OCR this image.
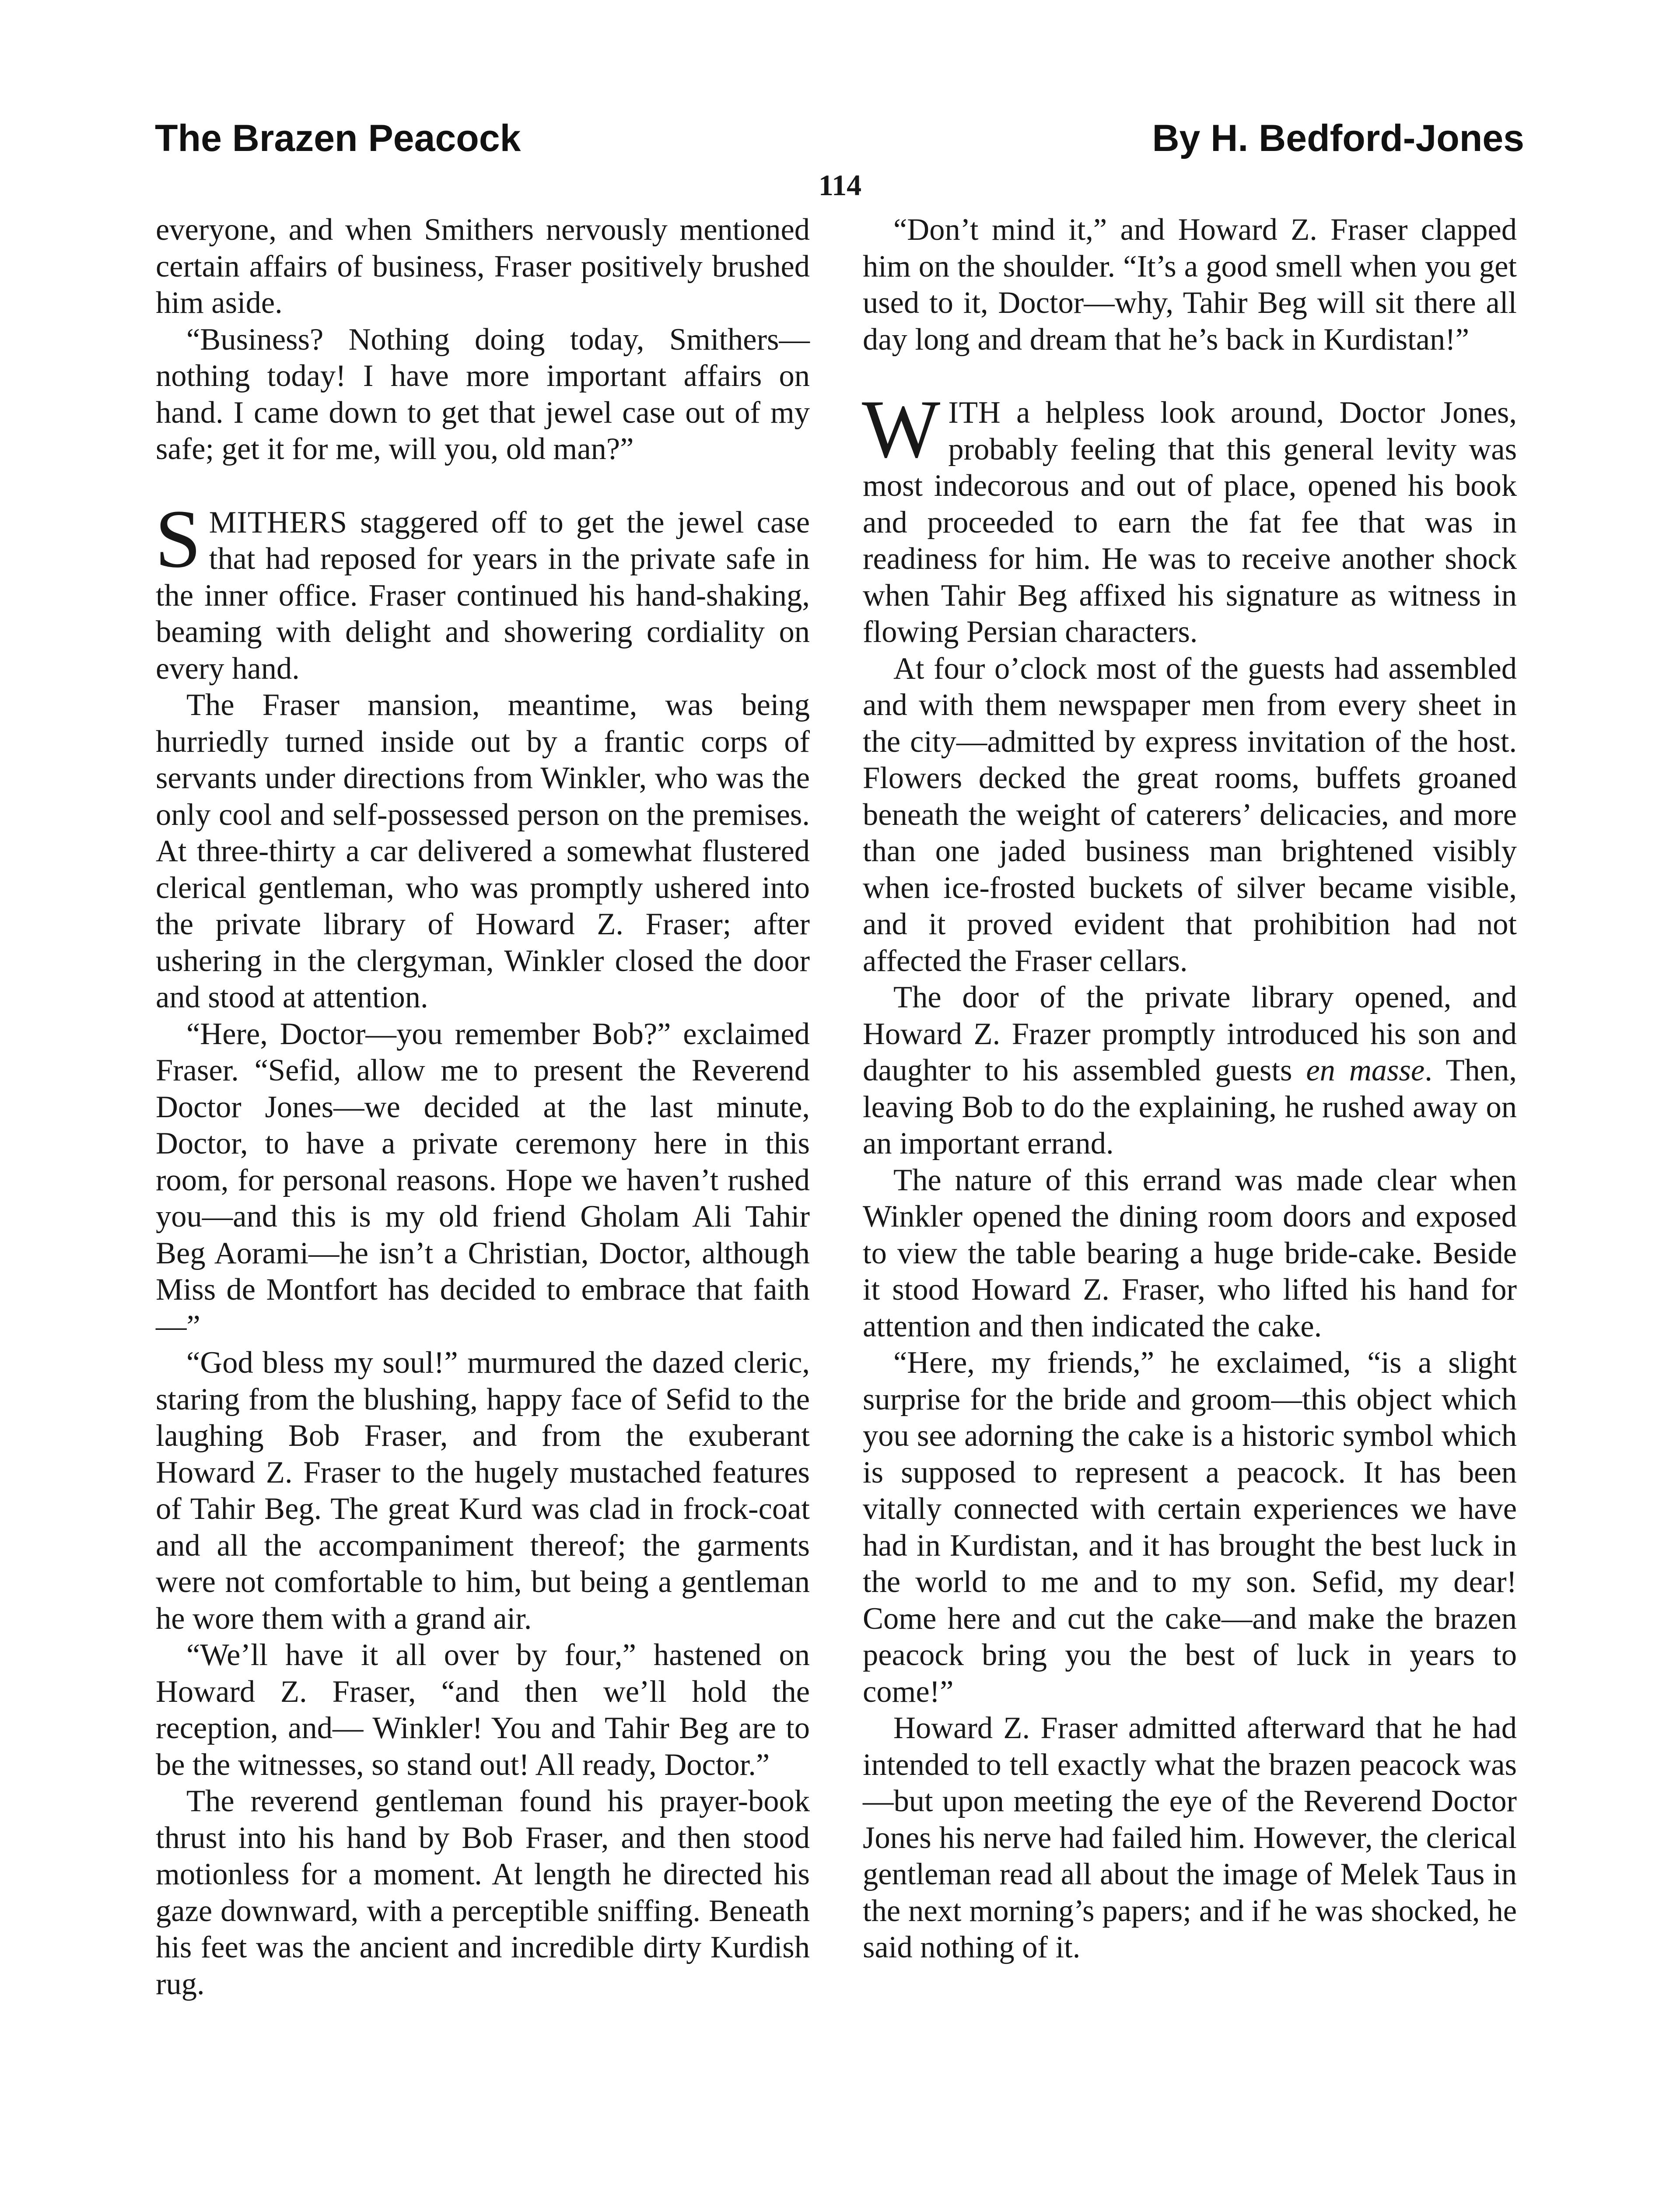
The Brazen Peacock	By H. Bedford-Jones
114

everyone, and when Smithers nervously mentioned certain affairs of business, Fraser positively brushed him aside.

“Business? Nothing doing today, Smithers—nothing today! I have more important affairs on hand. I came down to get that jewel case out of my safe; get it for me, will you, old man?”

SMITHERS staggered off to get the jewel case that had reposed for years in the private safe in the inner office. Fraser continued his hand-shaking, beaming with delight and showering cordiality on every hand.

The Fraser mansion, meantime, was being hurriedly turned inside out by a frantic corps of servants under directions from Winkler, who was the only cool and self-possessed person on the premises. At three-thirty a car delivered a somewhat flustered clerical gentleman, who was promptly ushered into the private library of Howard Z. Fraser; after ushering in the clergyman, Winkler closed the door and stood at attention.

“Here, Doctor—you remember Bob?” exclaimed Fraser. “Sefid, allow me to present the Reverend Doctor Jones—we decided at the last minute, Doctor, to have a private ceremony here in this room, for personal reasons. Hope we haven’t rushed you—and this is my old friend Gholam Ali Tahir Beg Aorami—he isn’t a Christian, Doctor, although Miss de Montfort has decided to embrace that faith—”

“God bless my soul!” murmured the dazed cleric, staring from the blushing, happy face of Sefid to the laughing Bob Fraser, and from the exuberant Howard Z. Fraser to the hugely mustached features of Tahir Beg. The great Kurd was clad in frock-coat and all the accompaniment thereof; the garments were not comfortable to him, but being a gentleman he wore them with a grand air.

“We’ll have it all over by four,” hastened on Howard Z. Fraser, “and then we’ll hold the reception, and— Winkler! You and Tahir Beg are to be the witnesses, so stand out! All ready, Doctor.”

The reverend gentleman found his prayer-book thrust into his hand by Bob Fraser, and then stood motionless for a moment. At length he directed his gaze downward, with a perceptible sniffing. Beneath his feet was the ancient and incredible dirty Kurdish rug.

“Don’t mind it,” and Howard Z. Fraser clapped him on the shoulder. “It’s a good smell when you get used to it, Doctor—why, Tahir Beg will sit there all day long and dream that he’s back in Kurdistan!”

WITH a helpless look around, Doctor Jones, probably feeling that this general levity was most indecorous and out of place, opened his book and proceeded to earn the fat fee that was in readiness for him. He was to receive another shock when Tahir Beg affixed his signature as witness in flowing Persian characters.

At four o’clock most of the guests had assembled and with them newspaper men from every sheet in the city—admitted by express invitation of the host. Flowers decked the great rooms, buffets groaned beneath the weight of caterers’ delicacies, and more than one jaded business man brightened visibly when ice-frosted buckets of silver became visible, and it proved evident that prohibition had not affected the Fraser cellars.

The door of the private library opened, and Howard Z. Frazer promptly introduced his son and daughter to his assembled guests en masse. Then, leaving Bob to do the explaining, he rushed away on an important errand.

The nature of this errand was made clear when Winkler opened the dining room doors and exposed to view the table bearing a huge bride-cake. Beside it stood Howard Z. Fraser, who lifted his hand for attention and then indicated the cake.

“Here, my friends,” he exclaimed, “is a slight surprise for the bride and groom—this object which you see adorning the cake is a historic symbol which is supposed to represent a peacock. It has been vitally connected with certain experiences we have had in Kurdistan, and it has brought the best luck in the world to me and to my son. Sefid, my dear! Come here and cut the cake—and make the brazen peacock bring you the best of luck in years to come!”

Howard Z. Fraser admitted afterward that he had intended to tell exactly what the brazen peacock was—but upon meeting the eye of the Reverend Doctor Jones his nerve had failed him. However, the clerical gentleman read all about the image of Melek Taus in the next morning’s papers; and if he was shocked, he said nothing of it.
